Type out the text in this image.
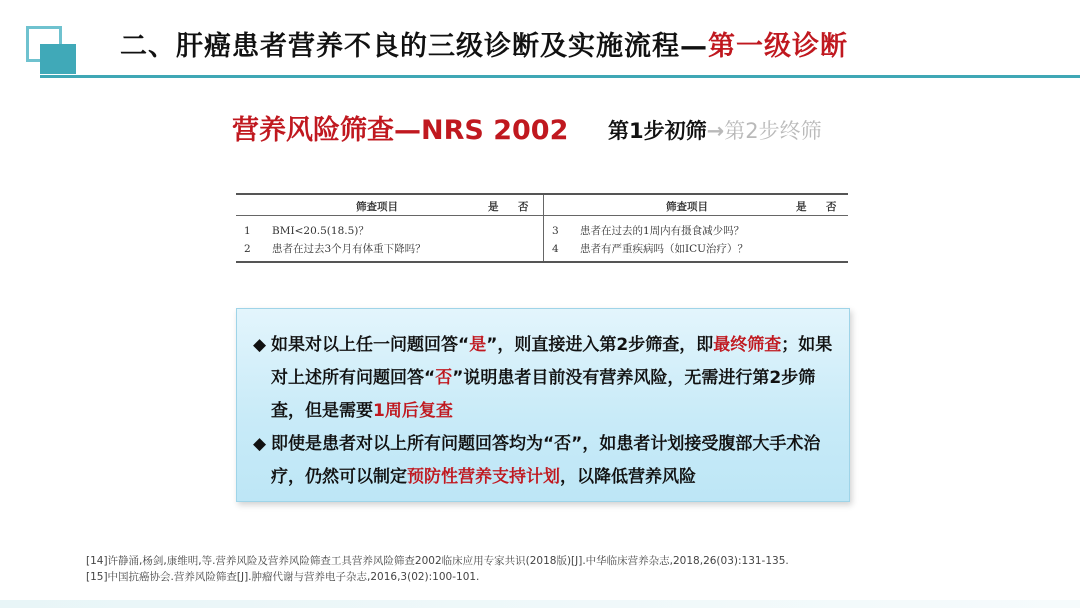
二、肝癌患者营养不良的三级诊断及实施流程—第一级诊断
营养风险筛查—NRS 2002 第1步初筛→第2步终筛
筛查项目	是 否
1 BMI<20.5(18.5)？
2 患者在过去3个月有体重下降吗？
筛查项目	是 否
3 患者在过去的1周内有摄食减少吗？
4 患者有严重疾病吗（如ICU治疗）？
◆ 如果对以上任一问题回答“是”，则直接进入第2步筛查，即最终筛查；如果对上述所有问题回答“否”说明患者目前没有营养风险，无需进行第2步筛查，但是需要1周后复查
◆ 即使是患者对以上所有问题回答均为“否”，如患者计划接受腹部大手术治疗，仍然可以制定预防性营养支持计划，以降低营养风险
[14]许静涌,杨剑,康维明,等.营养风险及营养风险筛查工具营养风险筛查2002临床应用专家共识(2018版)[J].中华临床营养杂志,2018,26(03):131-135.
[15]中国抗癌协会.营养风险筛查[J].肿瘤代谢与营养电子杂志,2016,3(02):100-101.
